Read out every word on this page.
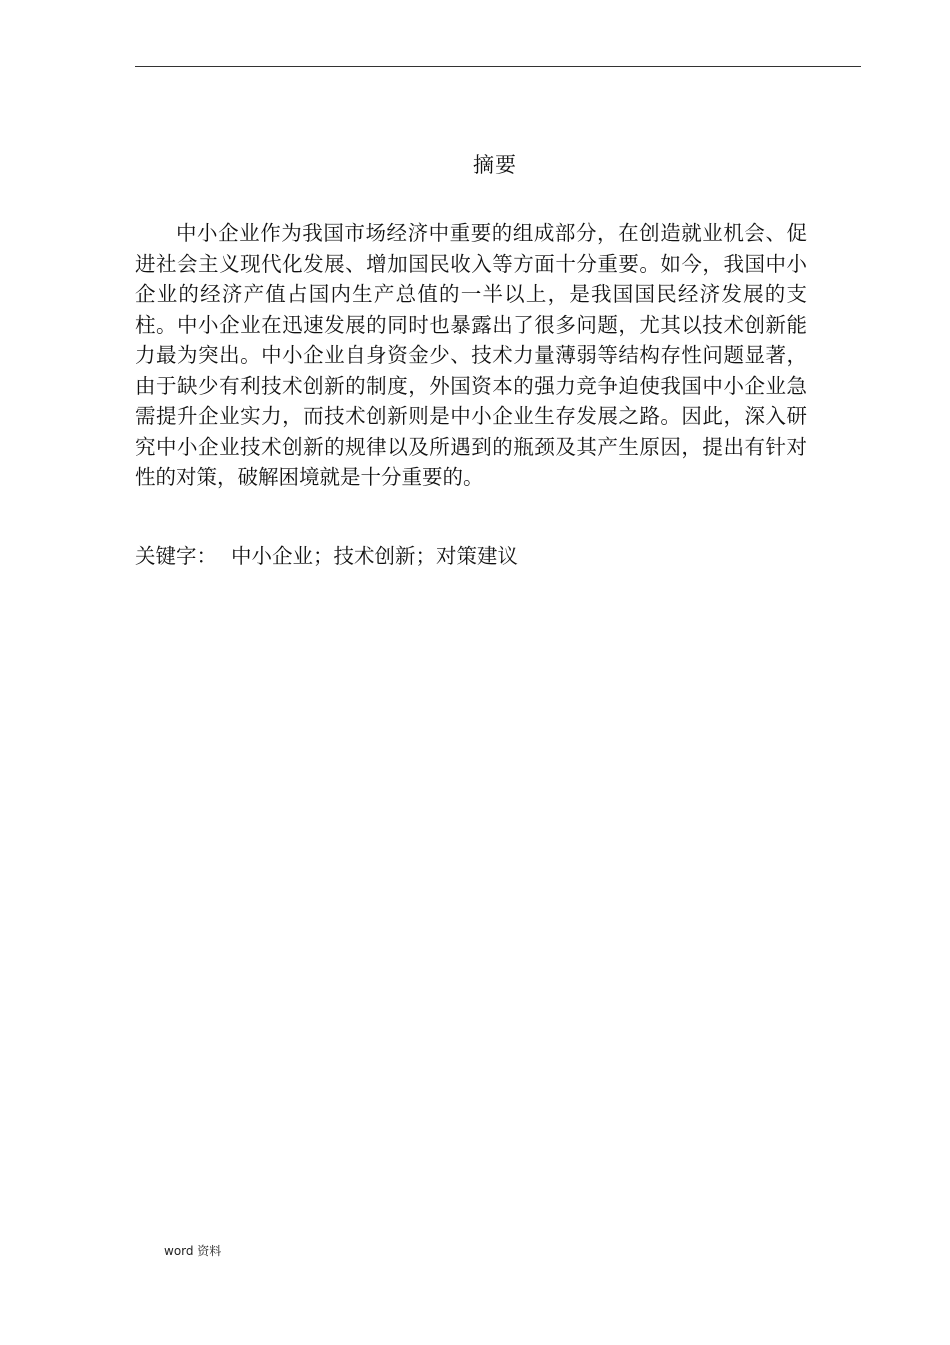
摘要

中小企业作为我国市场经济中重要的组成部分，在创造就业机会、促进社会主义现代化发展、增加国民收入等方面十分重要。如今，我国中小企业的经济产值占国内生产总值的一半以上，是我国国民经济发展的支柱。中小企业在迅速发展的同时也暴露出了很多问题，尤其以技术创新能力最为突出。中小企业自身资金少、技术力量薄弱等结构存性问题显著，由于缺少有利技术创新的制度，外国资本的强力竞争迫使我国中小企业急需提升企业实力，而技术创新则是中小企业生存发展之路。因此，深入研究中小企业技术创新的规律以及所遇到的瓶颈及其产生原因，提出有针对性的对策，破解困境就是十分重要的。

关键字： 中小企业；技术创新；对策建议
word 资料
